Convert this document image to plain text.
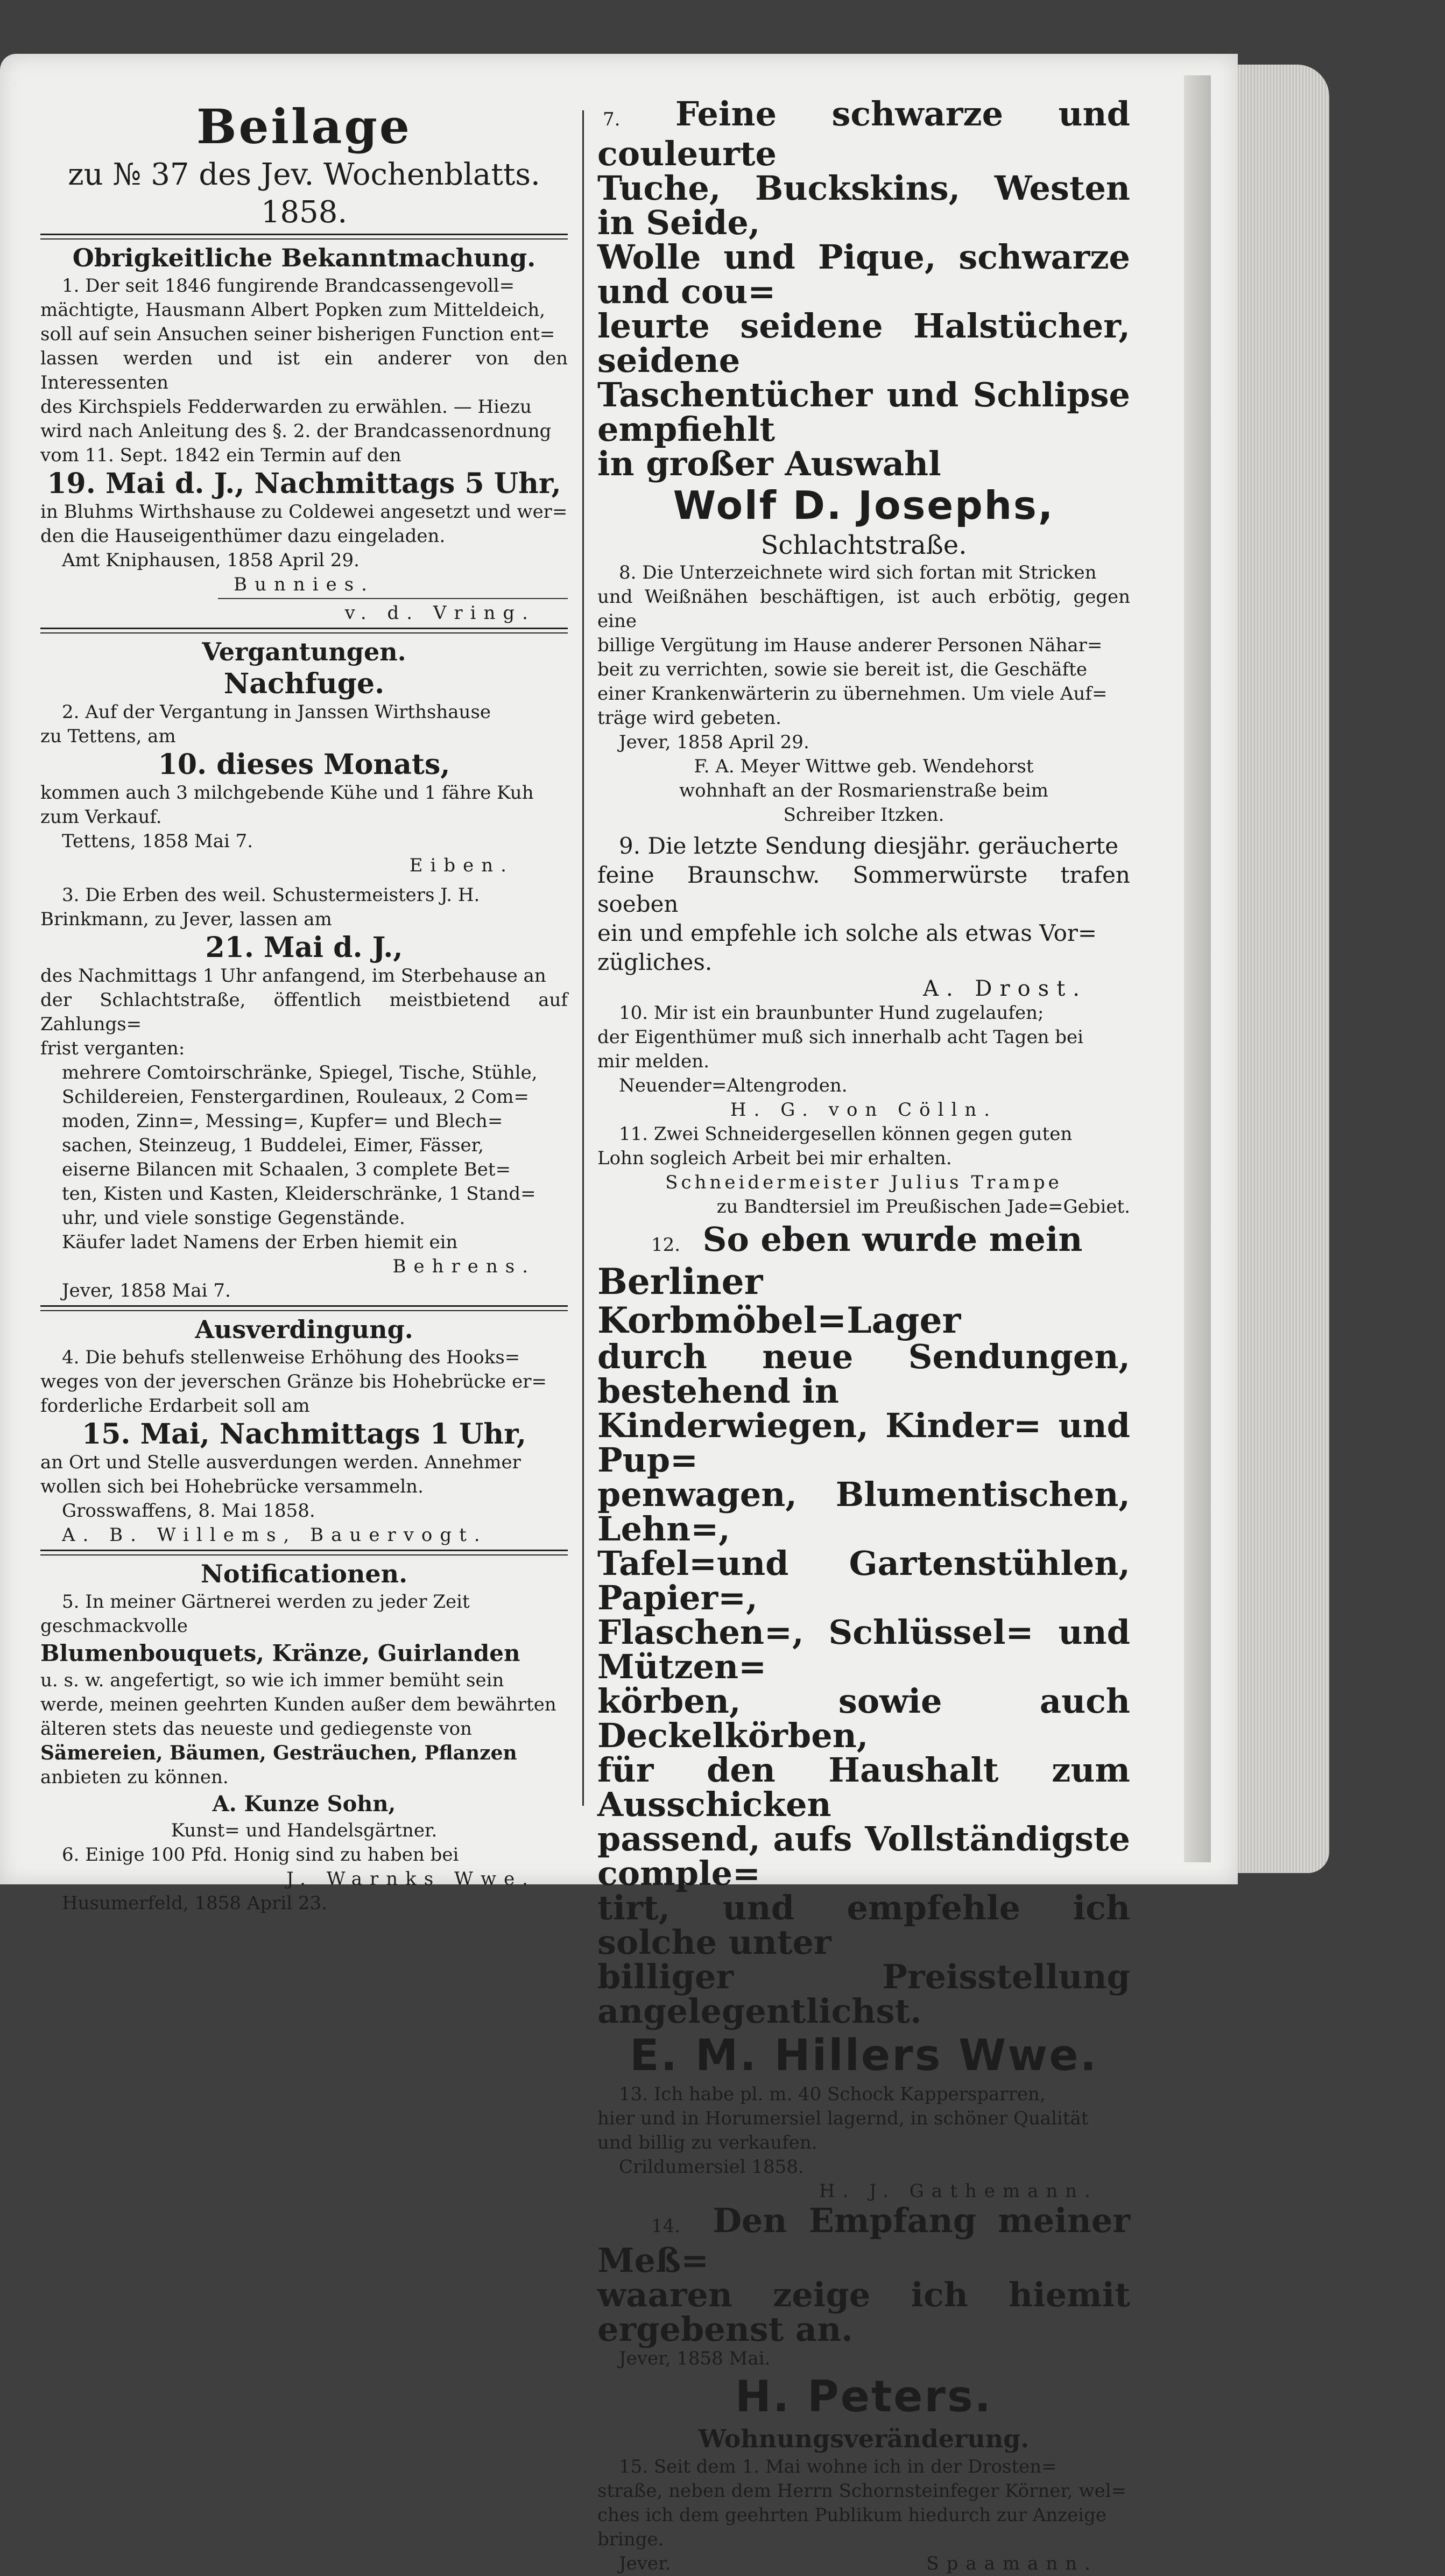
Beilage

zu № 37 des Jev. Wochenblatts. 1858.

Obrigkeitliche Bekanntmachung.

1. Der seit 1846 fungirende Brandcassengevoll=

mächtigte, Hausmann Albert Popken zum Mitteldeich,

soll auf sein Ansuchen seiner bisherigen Function ent=

lassen werden und ist ein anderer von den Interessenten

des Kirchspiels Fedderwarden zu erwählen. — Hiezu

wird nach Anleitung des §. 2. der Brandcassenordnung

vom 11. Sept. 1842 ein Termin auf den

19. Mai d. J., Nachmittags 5 Uhr,

in Bluhms Wirthshause zu Coldewei angesetzt und wer=

den die Hauseigenthümer dazu eingeladen.

Amt Kniphausen, 1858 April 29.

Bunnies.

v. d. Vring.

Vergantungen.

Nachfuge.

2. Auf der Vergantung in Janssen Wirthshause

zu Tettens, am

10. dieses Monats,

kommen auch 3 milchgebende Kühe und 1 fähre Kuh

zum Verkauf.

Tettens, 1858 Mai 7.

Eiben.

3. Die Erben des weil. Schustermeisters J. H.

Brinkmann, zu Jever, lassen am

21. Mai d. J.,

des Nachmittags 1 Uhr anfangend, im Sterbehause an

der Schlachtstraße, öffentlich meistbietend auf Zahlungs=

frist verganten:

mehrere Comtoirschränke, Spiegel, Tische, Stühle,

Schildereien, Fenstergardinen, Rouleaux, 2 Com=

moden, Zinn=, Messing=, Kupfer= und Blech=

sachen, Steinzeug, 1 Buddelei, Eimer, Fässer,

eiserne Bilancen mit Schaalen, 3 complete Bet=

ten, Kisten und Kasten, Kleiderschränke, 1 Stand=

uhr, und viele sonstige Gegenstände.

Käufer ladet Namens der Erben hiemit ein

Behrens.

Jever, 1858 Mai 7.

Ausverdingung.

4. Die behufs stellenweise Erhöhung des Hooks=

weges von der jeverschen Gränze bis Hohebrücke er=

forderliche Erdarbeit soll am

15. Mai, Nachmittags 1 Uhr,

an Ort und Stelle ausverdungen werden. Annehmer

wollen sich bei Hohebrücke versammeln.

Grosswaffens, 8. Mai 1858.

A. B. Willems, Bauervogt.

Notificationen.

5. In meiner Gärtnerei werden zu jeder Zeit

geschmackvolle

Blumenbouquets, Kränze, Guirlanden

u. s. w. angefertigt, so wie ich immer bemüht sein

werde, meinen geehrten Kunden außer dem bewährten

älteren stets das neueste und gediegenste von

Sämereien, Bäumen, Gesträuchen, Pflanzen

anbieten zu können.

A. Kunze Sohn,

Kunst= und Handelsgärtner.

6. Einige 100 Pfd. Honig sind zu haben bei

J. Warnks Wwe.

Husumerfeld, 1858 April 23.

7. Feine schwarze und couleurte

Tuche, Buckskins, Westen in Seide,

Wolle und Pique, schwarze und cou=

leurte seidene Halstücher, seidene

Taschentücher und Schlipse empfiehlt

in großer Auswahl

Wolf D. Josephs,

Schlachtstraße.

8. Die Unterzeichnete wird sich fortan mit Stricken

und Weißnähen beschäftigen, ist auch erbötig, gegen eine

billige Vergütung im Hause anderer Personen Nähar=

beit zu verrichten, sowie sie bereit ist, die Geschäfte

einer Krankenwärterin zu übernehmen. Um viele Auf=

träge wird gebeten.

Jever, 1858 April 29.

F. A. Meyer Wittwe geb. Wendehorst

wohnhaft an der Rosmarienstraße beim

Schreiber Itzken.

9. Die letzte Sendung diesjähr. geräucherte

feine Braunschw. Sommerwürste trafen soeben

ein und empfehle ich solche als etwas Vor=

zügliches.

A. Drost.

10. Mir ist ein braunbunter Hund zugelaufen;

der Eigenthümer muß sich innerhalb acht Tagen bei

mir melden.

Neuender=Altengroden.

H. G. von Cölln.

11. Zwei Schneidergesellen können gegen guten

Lohn sogleich Arbeit bei mir erhalten.

Schneidermeister Julius Trampe

zu Bandtersiel im Preußischen Jade=Gebiet.

12. So eben wurde mein

Berliner Korbmöbel=Lager

durch neue Sendungen, bestehend in

Kinderwiegen, Kinder= und Pup=

penwagen, Blumentischen, Lehn=,

Tafel=und Gartenstühlen, Papier=,

Flaschen=, Schlüssel= und Mützen=

körben, sowie auch Deckelkörben,

für den Haushalt zum Ausschicken

passend, aufs Vollständigste comple=

tirt, und empfehle ich solche unter

billiger Preisstellung angelegentlichst.

E. M. Hillers Wwe.

13. Ich habe pl. m. 40 Schock Kappersparren,

hier und in Horumersiel lagernd, in schöner Qualität

und billig zu verkaufen.

Crildumersiel 1858.

H. J. Gathemann.

14. Den Empfang meiner Meß=

waaren zeige ich hiemit ergebenst an.

Jever, 1858 Mai.

H. Peters.

Wohnungsveränderung.

15. Seit dem 1. Mai wohne ich in der Drosten=

straße, neben dem Herrn Schornsteinfeger Körner, wel=

ches ich dem geehrten Publikum hiedurch zur Anzeige

bringe.

Jever.	Spaamann.
